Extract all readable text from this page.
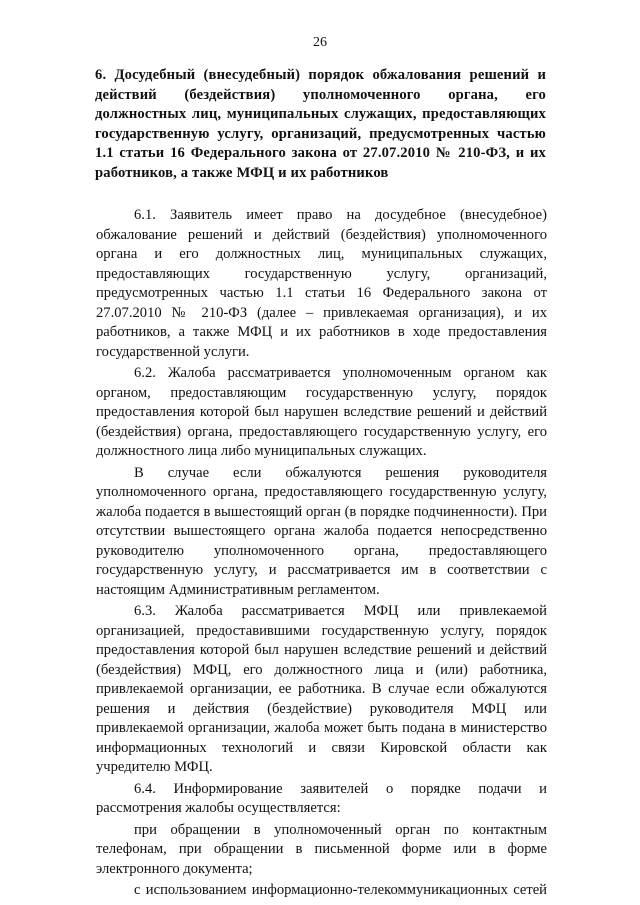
26
6. Досудебный (внесудебный) порядок обжалования решений и действий (бездействия) уполномоченного органа, его должностных лиц, муниципальных служащих, предоставляющих государственную услугу, организаций, предусмотренных частью 1.1 статьи 16 Федерального закона от 27.07.2010 № 210-ФЗ, и их работников, а также МФЦ и их работников

6.1. Заявитель имеет право на досудебное (внесудебное) обжалование решений и действий (бездействия) уполномоченного органа и его должностных лиц, муниципальных служащих, предоставляющих государственную услугу, организаций, предусмотренных частью 1.1 статьи 16 Федерального закона от 27.07.2010 № 210-ФЗ (далее – привлекаемая организация), и их работников, а также МФЦ и их работников в ходе предоставления государственной услуги.

6.2. Жалоба рассматривается уполномоченным органом как органом, предоставляющим государственную услугу, порядок предоставления которой был нарушен вследствие решений и действий (бездействия) органа, предоставляющего государственную услугу, его должностного лица либо муниципальных служащих.

В случае если обжалуются решения руководителя уполномоченного органа, предоставляющего государственную услугу, жалоба подается в вышестоящий орган (в порядке подчиненности). При отсутствии вышестоящего органа жалоба подается непосредственно руководителю уполномоченного органа, предоставляющего государственную услугу, и рассматривается им в соответствии с настоящим Административным регламентом.

6.3. Жалоба рассматривается МФЦ или привлекаемой организацией, предоставившими государственную услугу, порядок предоставления которой был нарушен вследствие решений и действий (бездействия) МФЦ, его должностного лица и (или) работника, привлекаемой организации, ее работника. В случае если обжалуются решения и действия (бездействие) руководителя МФЦ или привлекаемой организации, жалоба может быть подана в министерство информационных технологий и связи Кировской области как учредителю МФЦ.

6.4. Информирование заявителей о порядке подачи и рассмотрения жалобы осуществляется:

при обращении в уполномоченный орган по контактным телефонам, при обращении в письменной форме или в форме электронного документа;

с использованием информационно-телекоммуникационных сетей
